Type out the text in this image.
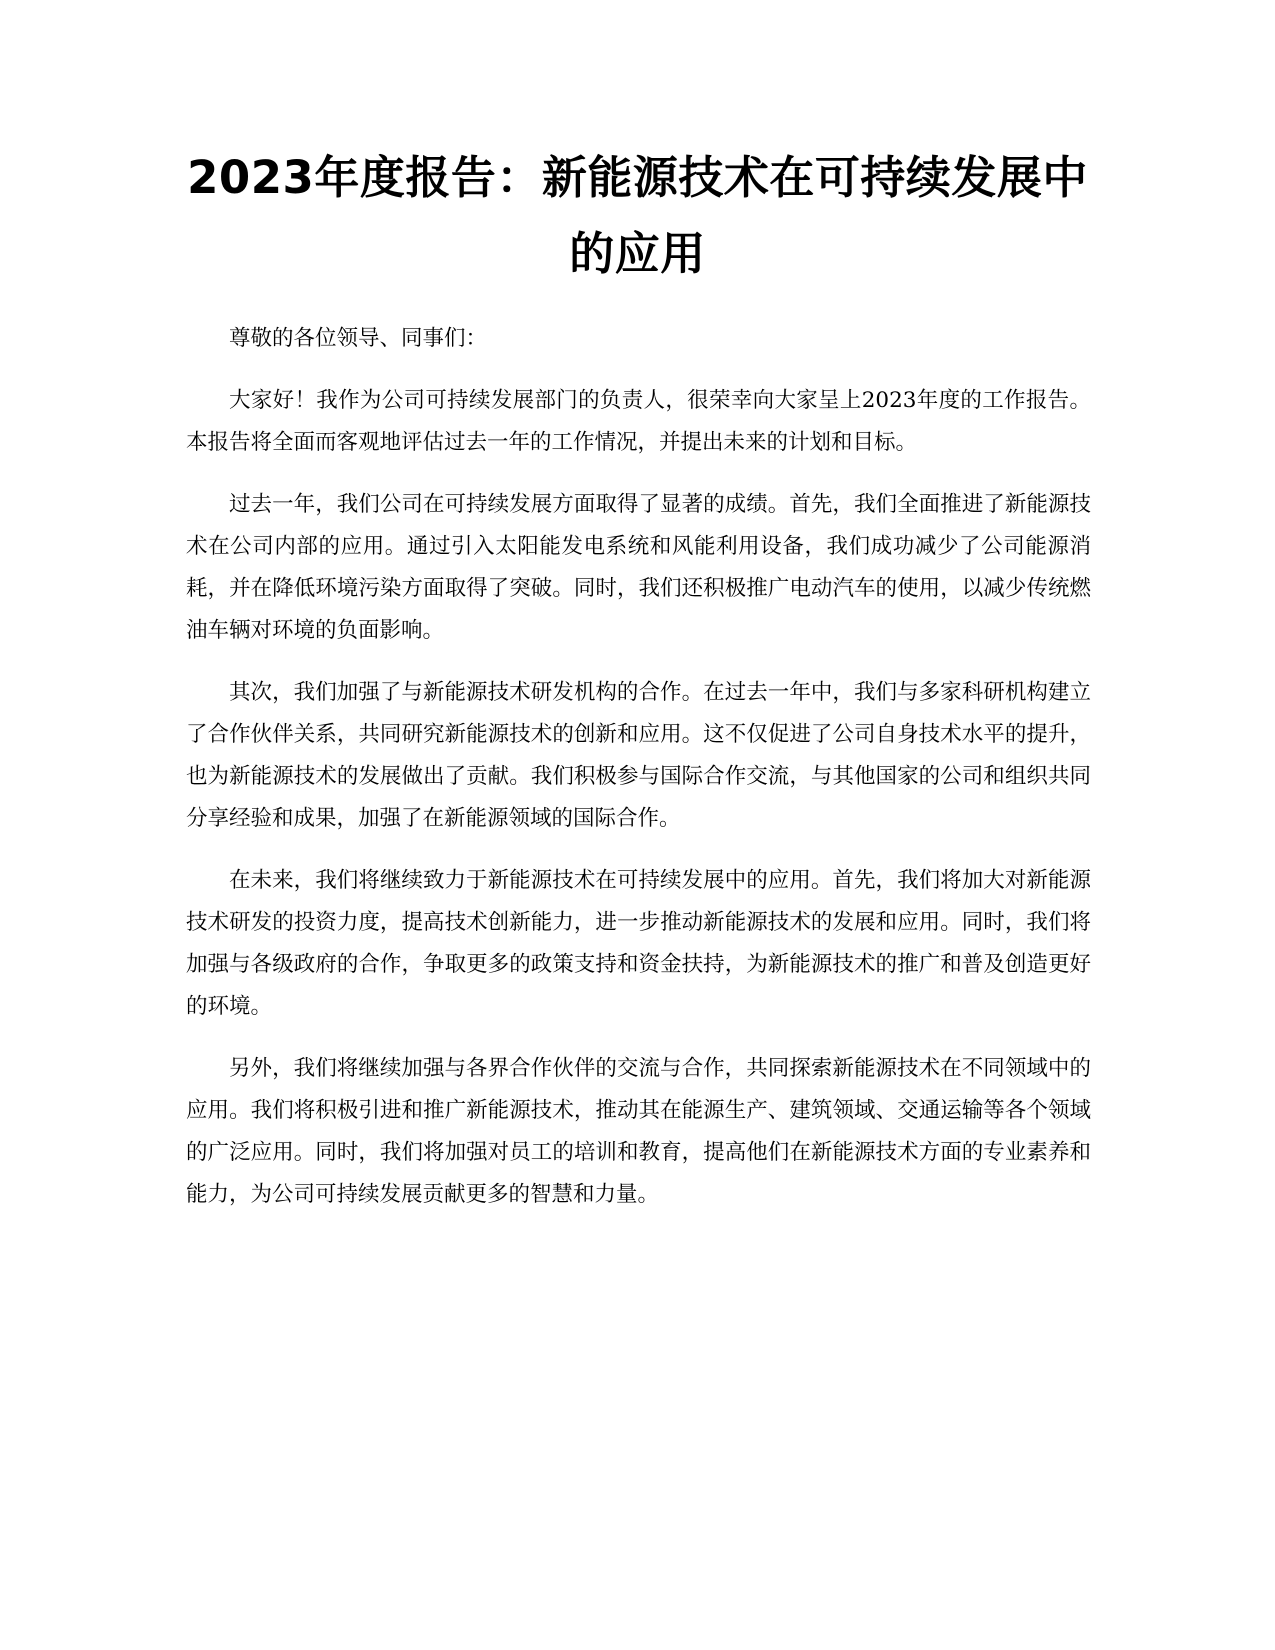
2023年度报告：新能源技术在可持续发展中的应用

尊敬的各位领导、同事们：

大家好！我作为公司可持续发展部门的负责人，很荣幸向大家呈上2023年度的工作报告。本报告将全面而客观地评估过去一年的工作情况，并提出未来的计划和目标。

过去一年，我们公司在可持续发展方面取得了显著的成绩。首先，我们全面推进了新能源技术在公司内部的应用。通过引入太阳能发电系统和风能利用设备，我们成功减少了公司能源消耗，并在降低环境污染方面取得了突破。同时，我们还积极推广电动汽车的使用，以减少传统燃油车辆对环境的负面影响。

其次，我们加强了与新能源技术研发机构的合作。在过去一年中，我们与多家科研机构建立了合作伙伴关系，共同研究新能源技术的创新和应用。这不仅促进了公司自身技术水平的提升，也为新能源技术的发展做出了贡献。我们积极参与国际合作交流，与其他国家的公司和组织共同分享经验和成果，加强了在新能源领域的国际合作。

在未来，我们将继续致力于新能源技术在可持续发展中的应用。首先，我们将加大对新能源技术研发的投资力度，提高技术创新能力，进一步推动新能源技术的发展和应用。同时，我们将加强与各级政府的合作，争取更多的政策支持和资金扶持，为新能源技术的推广和普及创造更好的环境。

另外，我们将继续加强与各界合作伙伴的交流与合作，共同探索新能源技术在不同领域中的应用。我们将积极引进和推广新能源技术，推动其在能源生产、建筑领域、交通运输等各个领域的广泛应用。同时，我们将加强对员工的培训和教育，提高他们在新能源技术方面的专业素养和能力，为公司可持续发展贡献更多的智慧和力量。
